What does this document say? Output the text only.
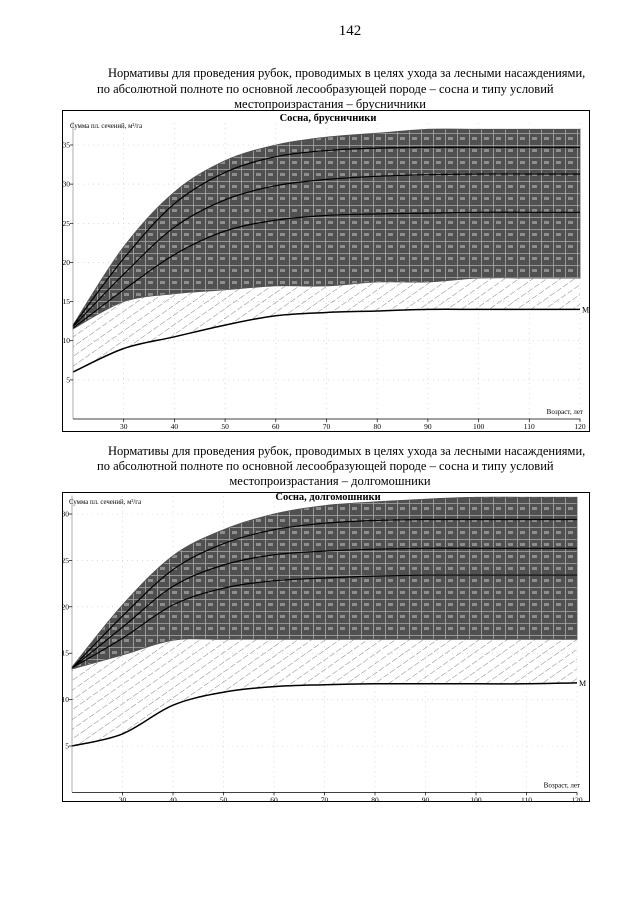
142
Нормативы для проведения рубок, проводимых в целях ухода за лесными насаждениями,
по абсолютной полноте по основной лесообразующей породе – сосна и типу условий
местопроизрастания – брусничники
M
30	40	50	60	70	80	90	100	110	120
5
10
15
20
25
30
35
Возраст, лет
Сумма пл. сечений, м²/га
Сосна, брусничники
Нормативы для проведения рубок, проводимых в целях ухода за лесными насаждениями,
по абсолютной полноте по основной лесообразующей породе – сосна и типу условий
местопроизрастания – долгомошники
M
30	40	50	60	70	80	90	100	110	120
5
10
15
20
25
30
Возраст, лет
Сумма пл. сечений, м²/га	Сосна, долгомошники
